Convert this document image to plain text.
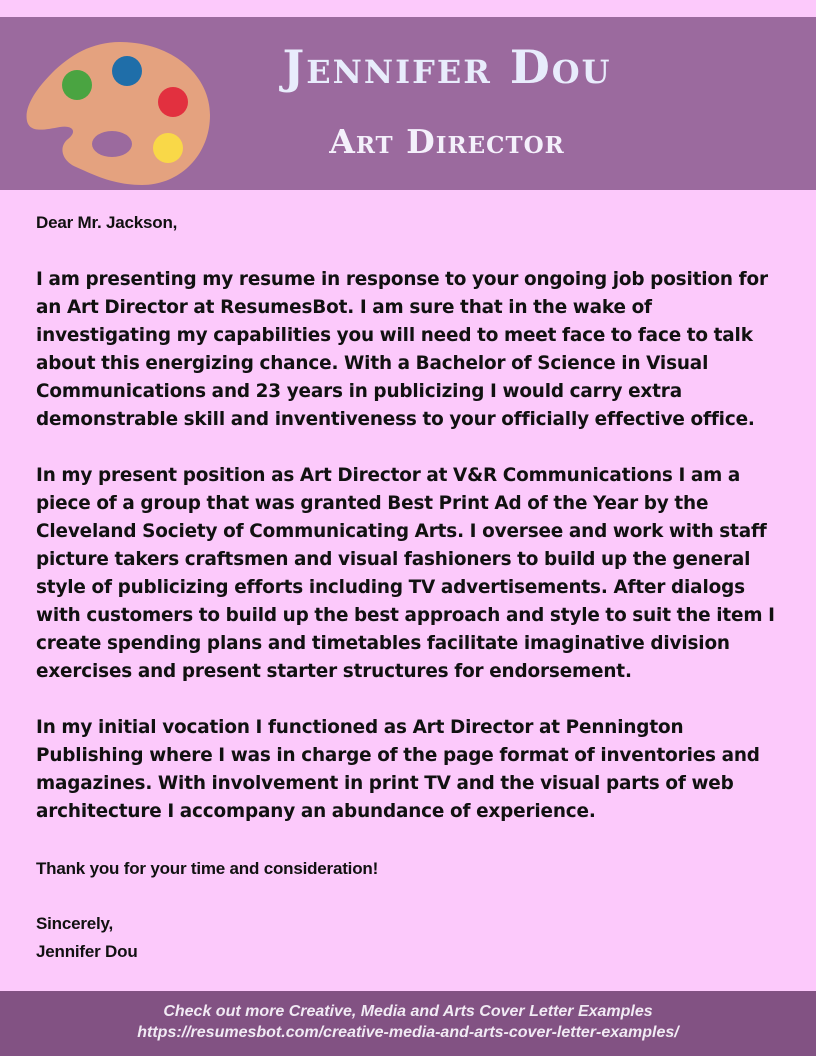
Jennifer Dou
Art Director
Dear Mr. Jackson,
I am presenting my resume in response to your ongoing job position for an Art Director at ResumesBot. I am sure that in the wake of investigating my capabilities you will need to meet face to face to talk about this energizing chance. With a Bachelor of Science in Visual Communications and 23 years in publicizing I would carry extra demonstrable skill and inventiveness to your officially effective office.
In my present position as Art Director at V&R Communications I am a piece of a group that was granted Best Print Ad of the Year by the Cleveland Society of Communicating Arts. I oversee and work with staff picture takers craftsmen and visual fashioners to build up the general style of publicizing efforts including TV advertisements. After dialogs with customers to build up the best approach and style to suit the item I create spending plans and timetables facilitate imaginative division exercises and present starter structures for endorsement.
In my initial vocation I functioned as Art Director at Pennington Publishing where I was in charge of the page format of inventories and magazines. With involvement in print TV and the visual parts of web architecture I accompany an abundance of experience.
Thank you for your time and consideration!
Sincerely,
Jennifer Dou
Check out more Creative, Media and Arts Cover Letter Examples
https://resumesbot.com/creative-media-and-arts-cover-letter-examples/
